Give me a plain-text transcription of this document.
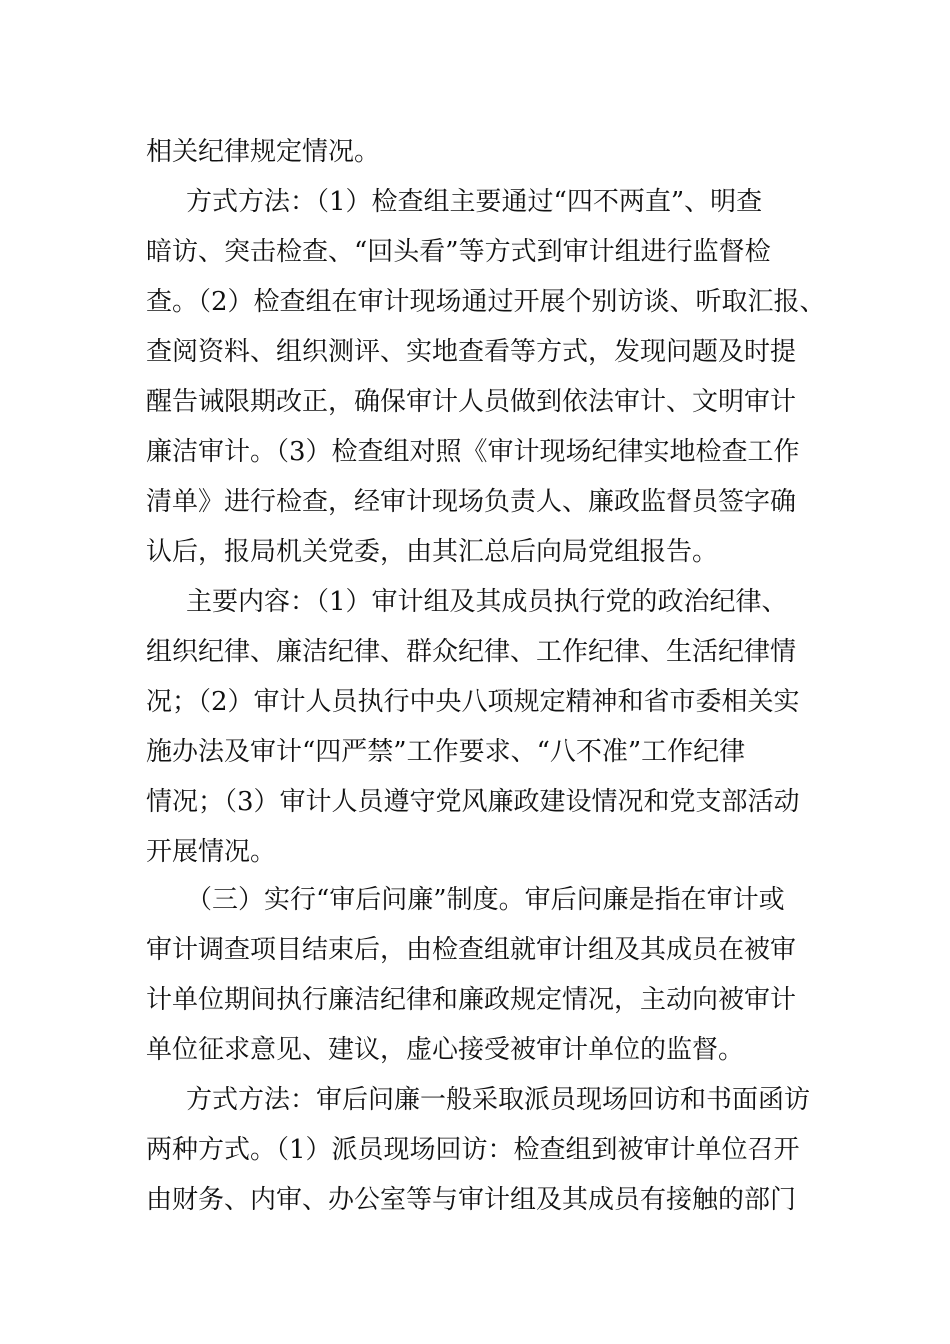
相关纪律规定情况。
方式方法：（1）检查组主要通过“四不两直”、明查
暗访、突击检查、“回头看”等方式到审计组进行监督检
查。（2）检查组在审计现场通过开展个别访谈、听取汇报、
查阅资料、组织测评、实地查看等方式，发现问题及时提
醒告诫限期改正，确保审计人员做到依法审计、文明审计
廉洁审计。（3）检查组对照《审计现场纪律实地检查工作
清单》进行检查，经审计现场负责人、廉政监督员签字确
认后，报局机关党委，由其汇总后向局党组报告。
主要内容：（1）审计组及其成员执行党的政治纪律、
组织纪律、廉洁纪律、群众纪律、工作纪律、生活纪律情
况；（2）审计人员执行中央八项规定精神和省市委相关实
施办法及审计“四严禁”工作要求、“八不准”工作纪律
情况；（3）审计人员遵守党风廉政建设情况和党支部活动
开展情况。
（三）实行“审后问廉”制度。审后问廉是指在审计或
审计调查项目结束后，由检查组就审计组及其成员在被审
计单位期间执行廉洁纪律和廉政规定情况，主动向被审计
单位征求意见、建议，虚心接受被审计单位的监督。
方式方法：审后问廉一般采取派员现场回访和书面函访
两种方式。（1）派员现场回访：检查组到被审计单位召开
由财务、内审、办公室等与审计组及其成员有接触的部门
